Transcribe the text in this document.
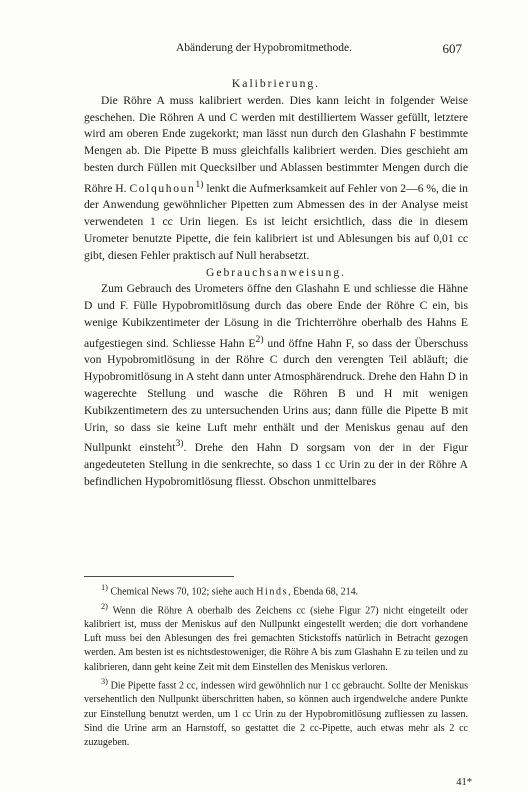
Abänderung der Hypobromitmethode.	607
Kalibrierung.

Die Röhre A muss kalibriert werden. Dies kann leicht in folgender Weise geschehen. Die Röhren A und C werden mit destilliertem Wasser gefüllt, letztere wird am oberen Ende zugekorkt; man lässt nun durch den Glashahn F bestimmte Mengen ab. Die Pipette B muss gleichfalls kalibriert werden. Dies geschieht am besten durch Füllen mit Quecksilber und Ablassen bestimmter Mengen durch die Röhre H. Colquhoun$^{1)}$ lenkt die Aufmerksamkeit auf Fehler von 2—6 %, die in der Anwendung gewöhnlicher Pipetten zum Abmessen des in der Analyse meist verwendeten 1 cc Urin liegen. Es ist leicht ersichtlich, dass die in diesem Urometer benutzte Pipette, die fein kalibriert ist und Ablesungen bis auf 0,01 cc gibt, diesen Fehler praktisch auf Null herabsetzt.

Gebrauchsanweisung.

Zum Gebrauch des Urometers öffne den Glashahn E und schliesse die Hähne D und F. Fülle Hypobromitlösung durch das obere Ende der Röhre C ein, bis wenige Kubikzentimeter der Lösung in die Trichterröhre oberhalb des Hahns E aufgestiegen sind. Schliesse Hahn $E^{2)}$ und öffne Hahn F, so dass der Überschuss von Hypobromitlösung in der Röhre C durch den verengten Teil abläuft; die Hypobromitlösung in A steht dann unter Atmosphärendruck. Drehe den Hahn D in wagerechte Stellung und wasche die Röhren B und H mit wenigen Kubikzentimetern des zu untersuchenden Urins aus; dann fülle die Pipette B mit Urin, so dass sie keine Luft mehr enthält und der Meniskus genau auf den Nullpunkt einsteht$^{3)}$. Drehe den Hahn D sorgsam von der in der Figur angedeuteten Stellung in die senkrechte, so dass 1 cc Urin zu der in der Röhre A befindlichen Hypobromitlösung fliesst. Obschon unmittelbares

$^{1)}$ Chemical News 70, 102; siehe auch Hinds, Ebenda 68, 214.

$^{2)}$ Wenn die Röhre A oberhalb des Zeichens cc (siehe Figur 27) nicht eingeteilt oder kalibriert ist, muss der Meniskus auf den Nullpunkt eingestellt werden; die dort vorhandene Luft muss bei den Ablesungen des frei gemachten Stickstoffs natürlich in Betracht gezogen werden. Am besten ist es nichtsdestoweniger, die Röhre A bis zum Glashahn E zu teilen und zu kalibrieren, dann geht keine Zeit mit dem Einstellen des Meniskus verloren.

$^{3)}$ Die Pipette fasst 2 cc, indessen wird gewöhnlich nur 1 cc gebraucht. Sollte der Meniskus versehentlich den Nullpunkt überschritten haben, so können auch irgendwelche andere Punkte zur Einstellung benutzt werden, um 1 cc Urin zu der Hypobromitlösung zufliessen zu lassen. Sind die Urine arm an Harnstoff, so gestattet die 2 cc-Pipette, auch etwas mehr als 2 cc zuzugeben.

41*
